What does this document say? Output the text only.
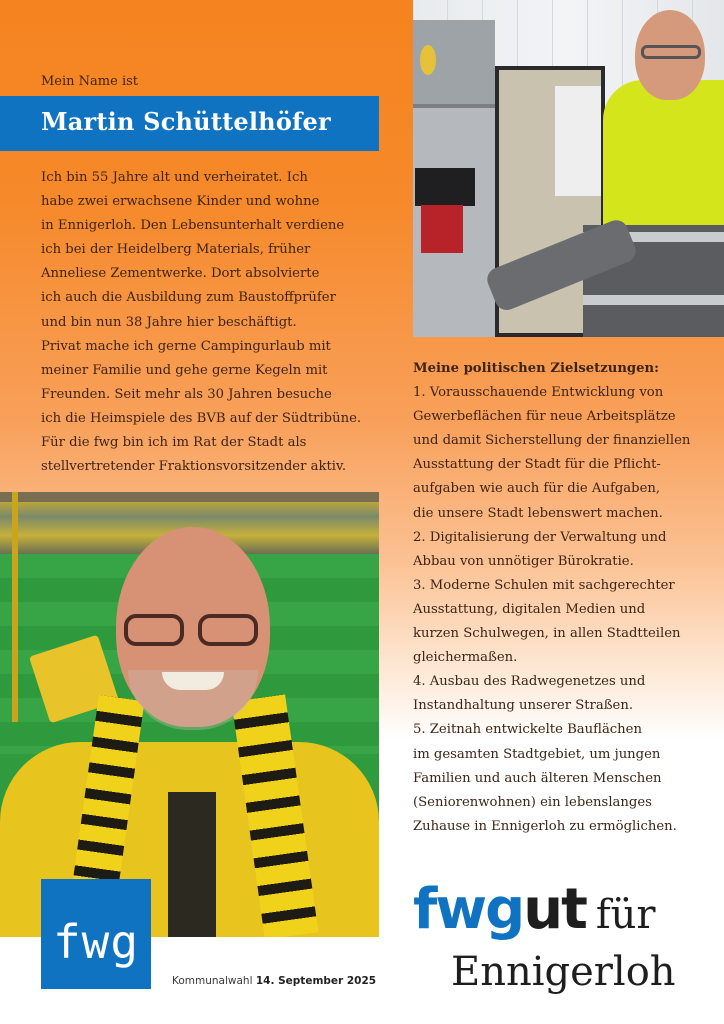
Mein Name ist
Martin Schüttelhöfer
Ich bin 55 Jahre alt und verheiratet. Ich
habe zwei erwachsene Kinder und wohne
in Ennigerloh. Den Lebensunterhalt verdiene
ich bei der Heidelberg Materials, früher
Anneliese Zementwerke. Dort absolvierte
ich auch die Ausbildung zum Baustoffprüfer
und bin nun 38 Jahre hier beschäftigt.
Privat mache ich gerne Campingurlaub mit
meiner Familie und gehe gerne Kegeln mit
Freunden. Seit mehr als 30 Jahren besuche
ich die Heimspiele des BVB auf der Südtribüne.
Für die fwg bin ich im Rat der Stadt als
stellvertretender Fraktionsvorsitzender aktiv.
Meine politischen Zielsetzungen:
1. Vorausschauende Entwicklung von
Gewerbeflächen für neue Arbeitsplätze
und damit Sicherstellung der finanziellen
Ausstattung der Stadt für die Pflicht-
aufgaben wie auch für die Aufgaben,
die unsere Stadt lebenswert machen.
2. Digitalisierung der Verwaltung und
Abbau von unnötiger Bürokratie.
3. Moderne Schulen mit sachgerechter
Ausstattung, digitalen Medien und
kurzen Schulwegen, in allen Stadtteilen
gleichermaßen.
4. Ausbau des Radwegenetzes und
Instandhaltung unserer Straßen.
5. Zeitnah entwickelte Bauflächen
im gesamten Stadtgebiet, um jungen
Familien und auch älteren Menschen
(Seniorenwohnen) ein lebenslanges
Zuhause in Ennigerloh zu ermöglichen.
fwg
Kommunalwahl 14. September 2025
fwgut für
Ennigerloh
